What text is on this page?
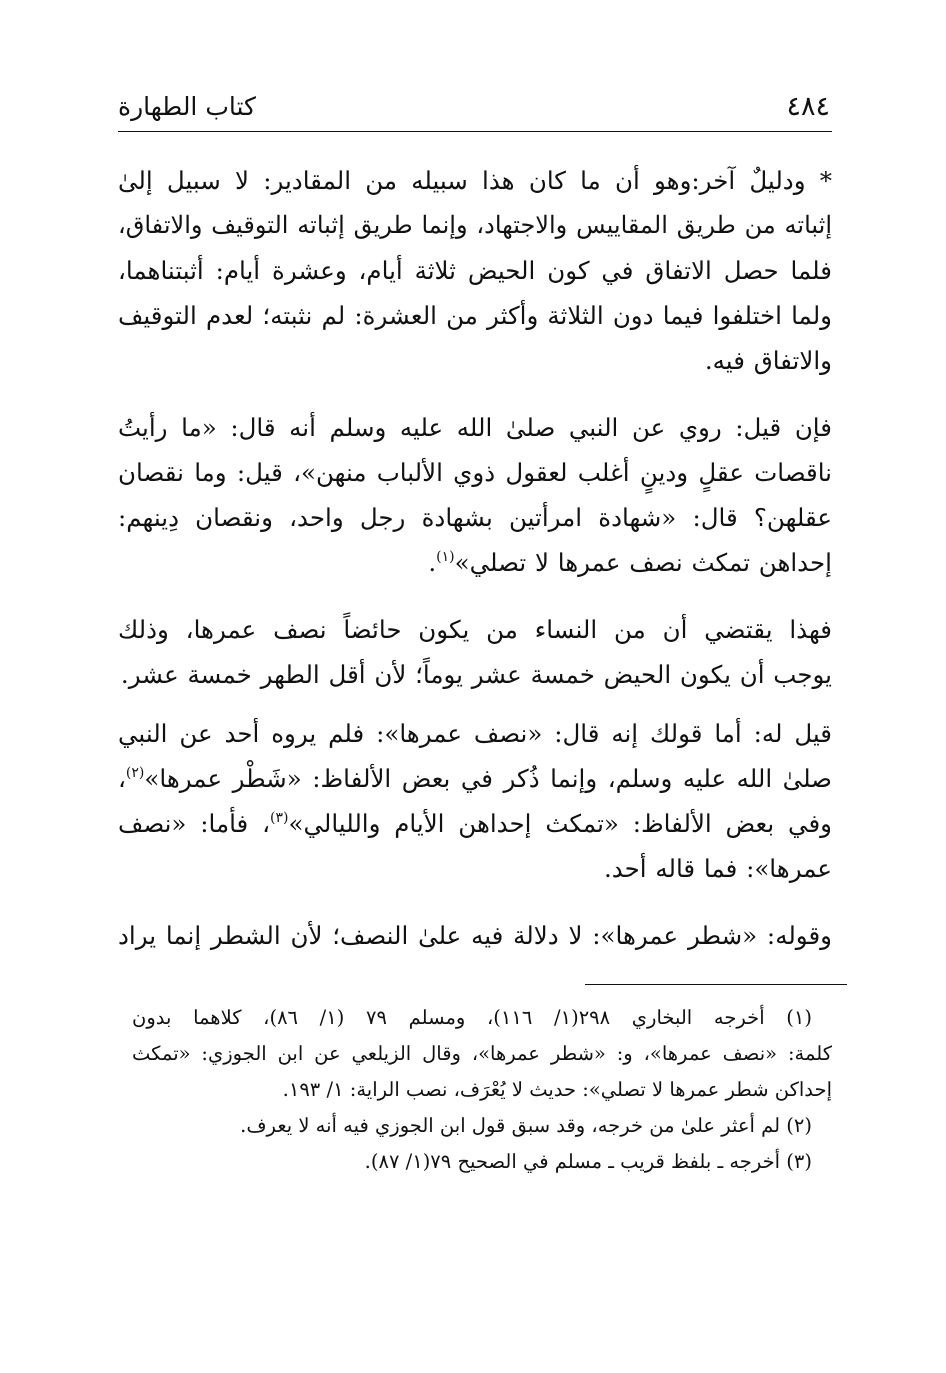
٤٨٤
كتاب الطهارة

* ودليلٌ آخر:وهو أن ما كان هذا سبيله من المقادير: لا سبيل إلىٰ
إثباته من طريق المقاييس والاجتهاد، وإنما طريق إثباته التوقيف والاتفاق،
فلما حصل الاتفاق في كون الحيض ثلاثة أيام، وعشرة أيام: أثبتناهما،
ولما اختلفوا فيما دون الثلاثة وأكثر من العشرة: لم نثبته؛ لعدم التوقيف
والاتفاق فيه.

فإن قيل: روي عن النبي صلىٰ الله عليه وسلم أنه قال: «ما رأيتُ
ناقصات عقلٍ ودينٍ أغلب لعقول ذوي الألباب منهن»، قيل: وما نقصان
عقلهن؟ قال: «شهادة امرأتين بشهادة رجل واحد، ونقصان دِينهم:
إحداهن تمكث نصف عمرها لا تصلي»$^{(١)}$.

فهذا يقتضي أن من النساء من يكون حائضاً نصف عمرها، وذلك
يوجب أن يكون الحيض خمسة عشر يوماً؛ لأن أقل الطهر خمسة عشر.

قيل له: أما قولك إنه قال: «نصف عمرها»: فلم يروه أحد عن النبي
صلىٰ الله عليه وسلم، وإنما ذُكر في بعض الألفاظ: «شَطْر عمرها»$^{(٢)}$،
وفي بعض الألفاظ: «تمكث إحداهن الأيام والليالي»$^{(٣)}$، فأما: «نصف
عمرها»: فما قاله أحد.

وقوله: «شطر عمرها»: لا دلالة فيه علىٰ النصف؛ لأن الشطر إنما يراد

(١) أخرجه البخاري ٢٩٨(١/ ١١٦)، ومسلم ٧٩ (١/ ٨٦)، كلاهما بدون
كلمة: «نصف عمرها»، و: «شطر عمرها»، وقال الزيلعي عن ابن الجوزي: «تمكث
إحداكن شطر عمرها لا تصلي»: حديث لا يُعْرَف، نصب الراية: ١/ ١٩٣.

(٢) لم أعثر علىٰ من خرجه، وقد سبق قول ابن الجوزي فيه أنه لا يعرف.

(٣) أخرجه ـ بلفظ قريب ـ مسلم في الصحيح ٧٩(١/ ٨٧).
